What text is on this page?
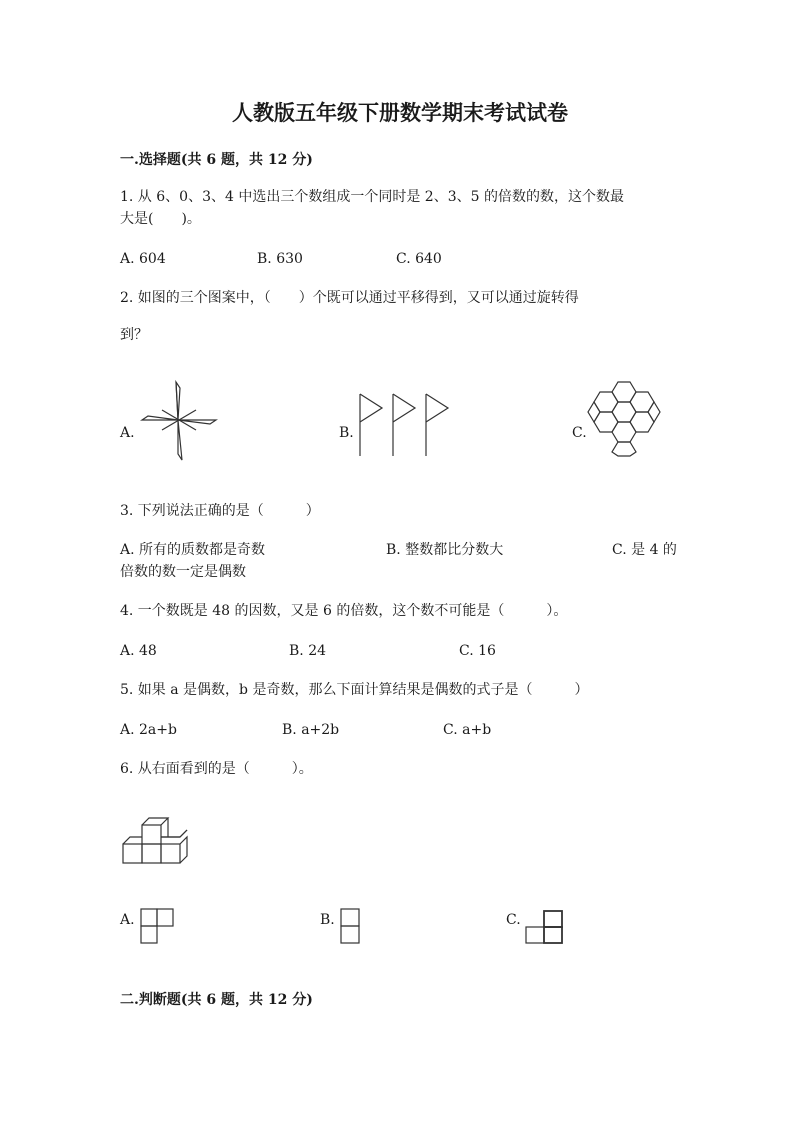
人教版五年级下册数学期末考试试卷
一.选择题(共 6 题，共 12 分)
1. 从 6、0、3、4 中选出三个数组成一个同时是 2、3、5 的倍数的数，这个数最
大是(　　)。
A. 604	B. 630	C. 640
2. 如图的三个图案中，（　　）个既可以通过平移得到，又可以通过旋转得
到？
A.	B.	C.
3. 下列说法正确的是（　　　）
A. 所有的质数都是奇数	B. 整数都比分数大	C. 是 4 的
倍数的数一定是偶数
4. 一个数既是 48 的因数，又是 6 的倍数，这个数不可能是（　　　）。
A. 48	B. 24	C. 16
5. 如果 a 是偶数，b 是奇数，那么下面计算结果是偶数的式子是（　　　）
A. 2a+b	B. a+2b	C. a+b
6. 从右面看到的是（　　　）。
A.	B.	C.
二.判断题(共 6 题，共 12 分)
